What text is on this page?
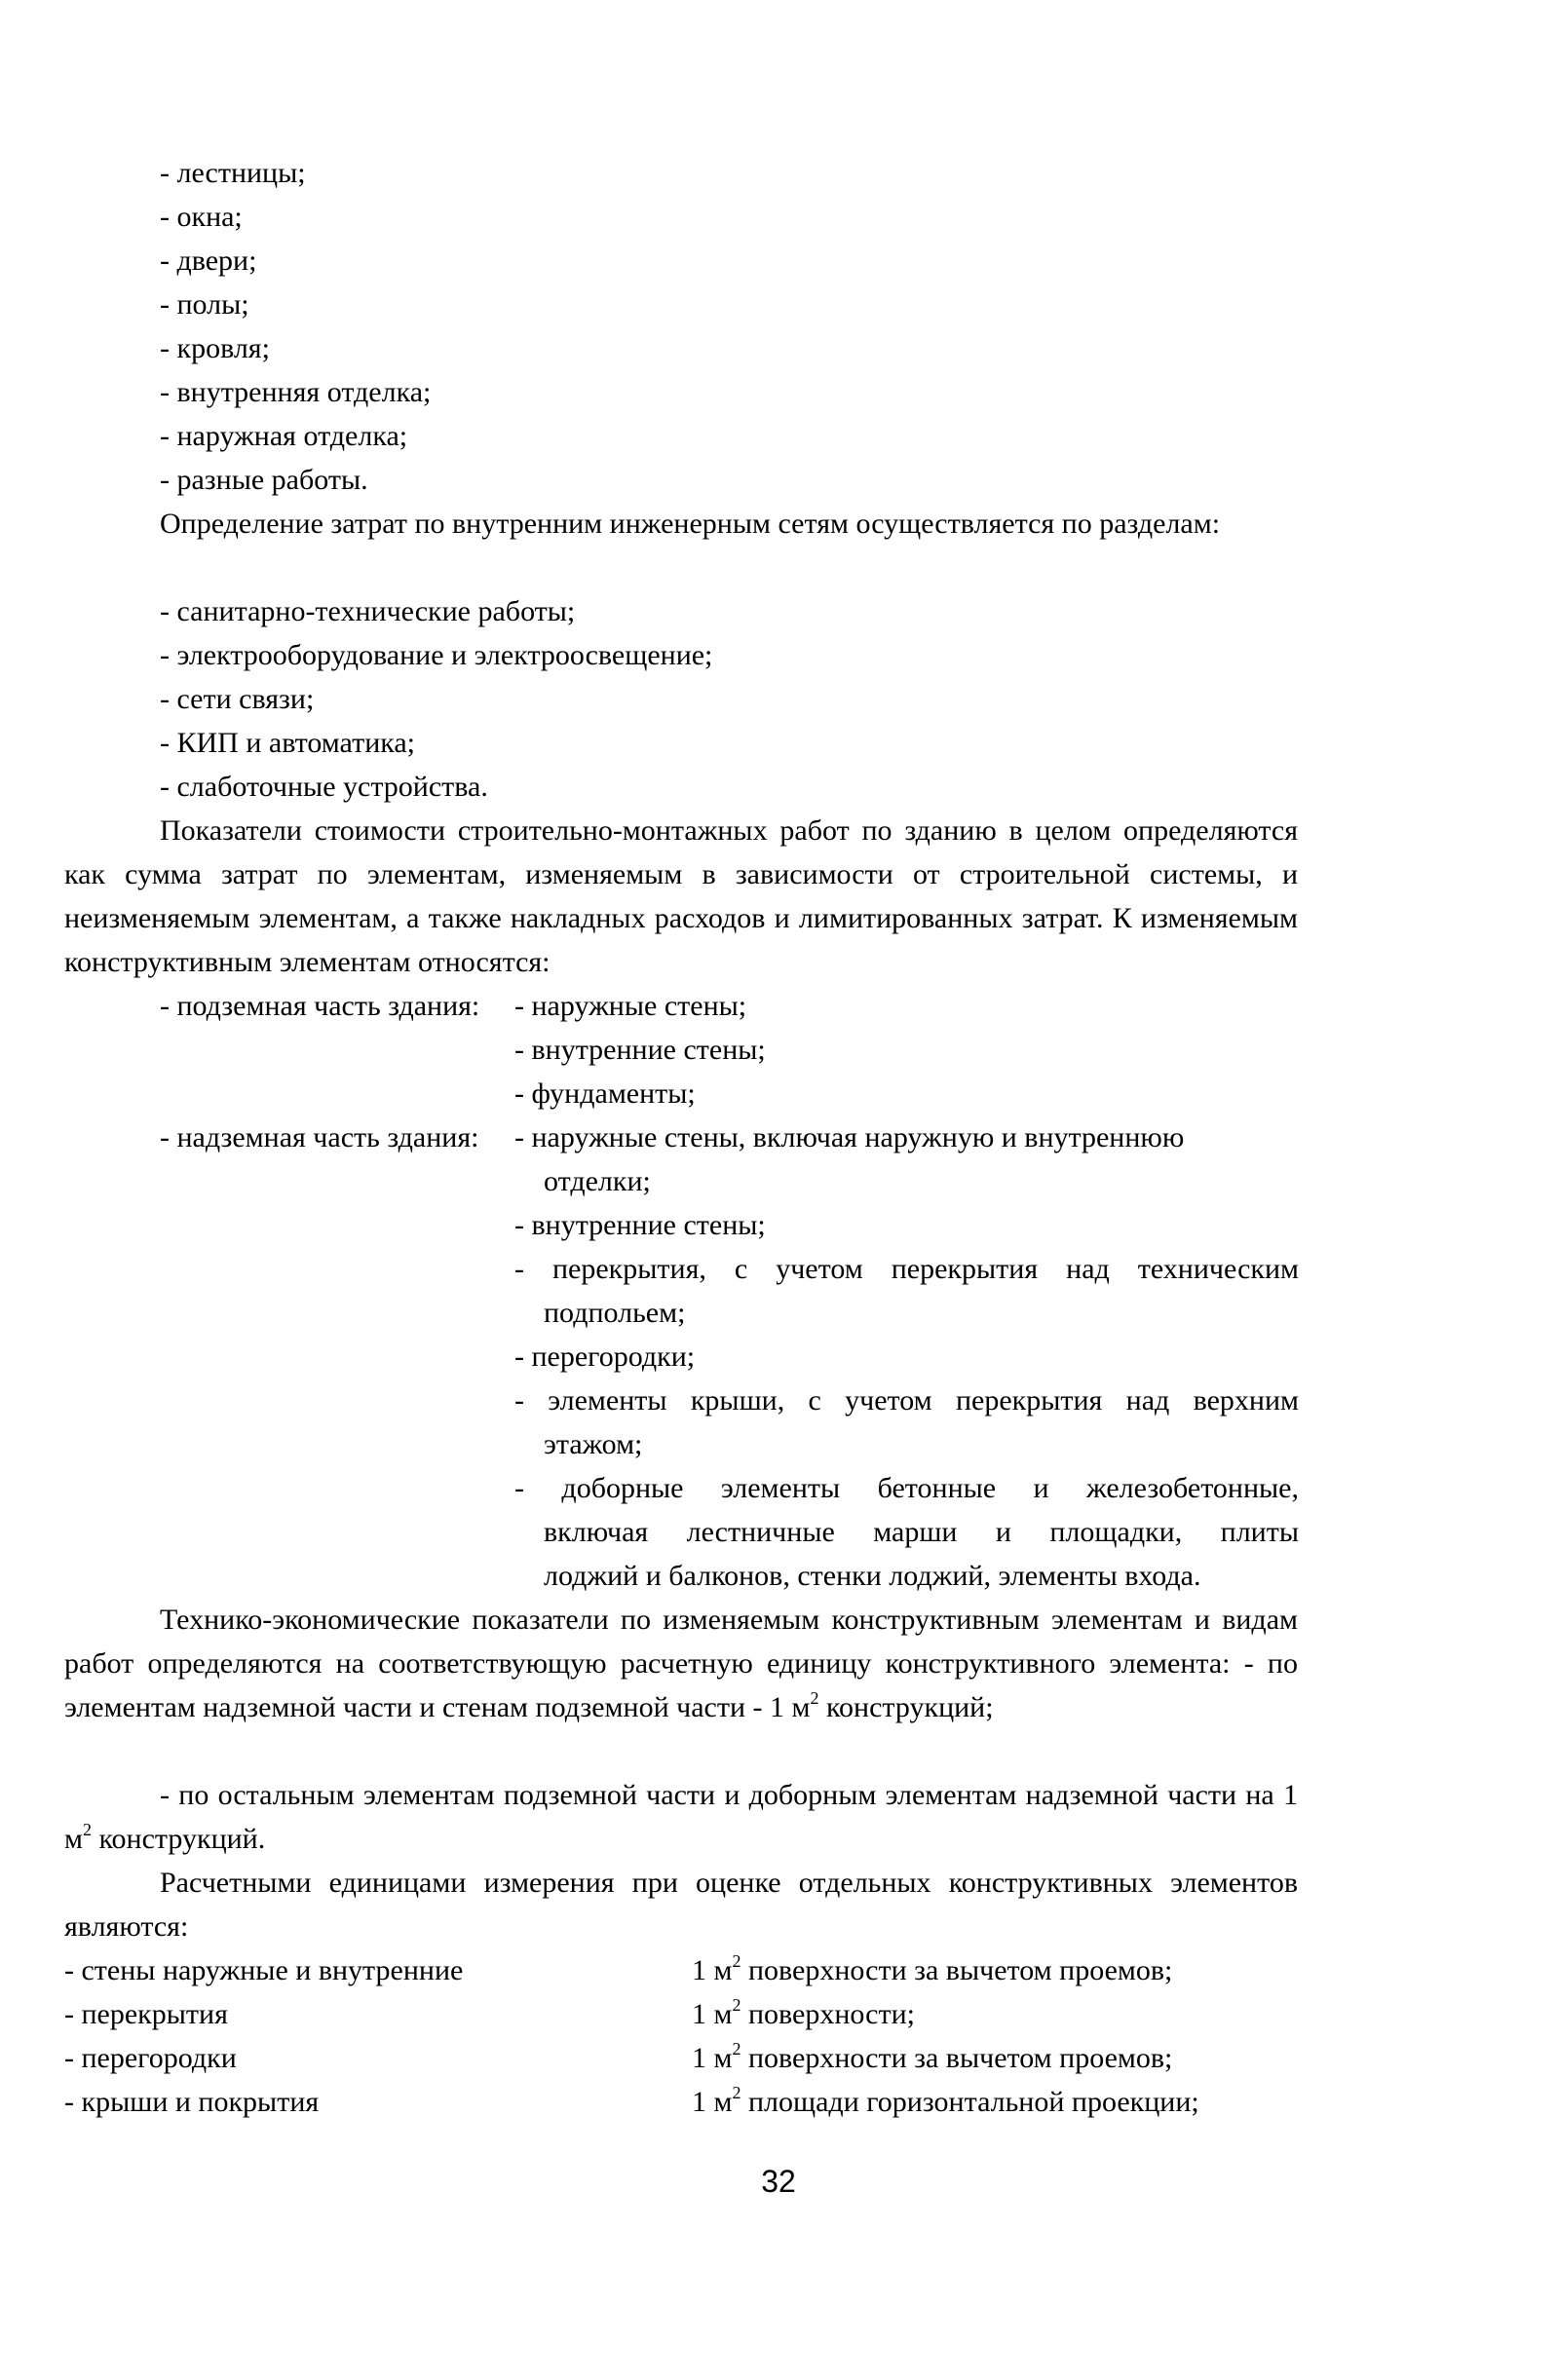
- лестницы;
- окна;
- двери;
- полы;
- кровля;
- внутренняя отделка;
- наружная отделка;
- разные работы.
Определение затрат по внутренним инженерным сетям осуществляется по разделам:
- санитарно-технические работы;
- электрооборудование и электроосвещение;
- сети связи;
- КИП и автоматика;
- слаботочные устройства.
Показатели стоимости строительно-монтажных работ по зданию в целом определяются как сумма затрат по элементам, изменяемым в зависимости от строительной системы, и неизменяемым элементам, а также накладных расходов и лимитированных затрат. К изменяемым конструктивным элементам относятся:
- подземная часть здания: - наружные стены;
- внутренние стены;
- фундаменты;
- надземная часть здания: - наружные стены, включая наружную и внутреннюю
отделки;
- внутренние стены;
- перекрытия, с учетом перекрытия над техническим
подпольем;
- перегородки;
- элементы крыши, с учетом перекрытия над верхним
этажом;
- доборные элементы бетонные и железобетонные,
включая лестничные марши и площадки, плиты
лоджий и балконов, стенки лоджий, элементы входа.
Технико-экономические показатели по изменяемым конструктивным элементам и видам работ определяются на соответствующую расчетную единицу конструктивного элемента: - по элементам надземной части и стенам подземной части - 1 $м^2$ конструкций;
- по остальным элементам подземной части и доборным элементам надземной части на 1 $м^2$ конструкций.
Расчетными единицами измерения при оценке отдельных конструктивных элементов являются:
- стены наружные и внутренние	1 $м^2$ поверхности за вычетом проемов;
- перекрытия	1 $м^2$ поверхности;
- перегородки	1 $м^2$ поверхности за вычетом проемов;
- крыши и покрытия	1 $м^2$ площади горизонтальной проекции;
32
